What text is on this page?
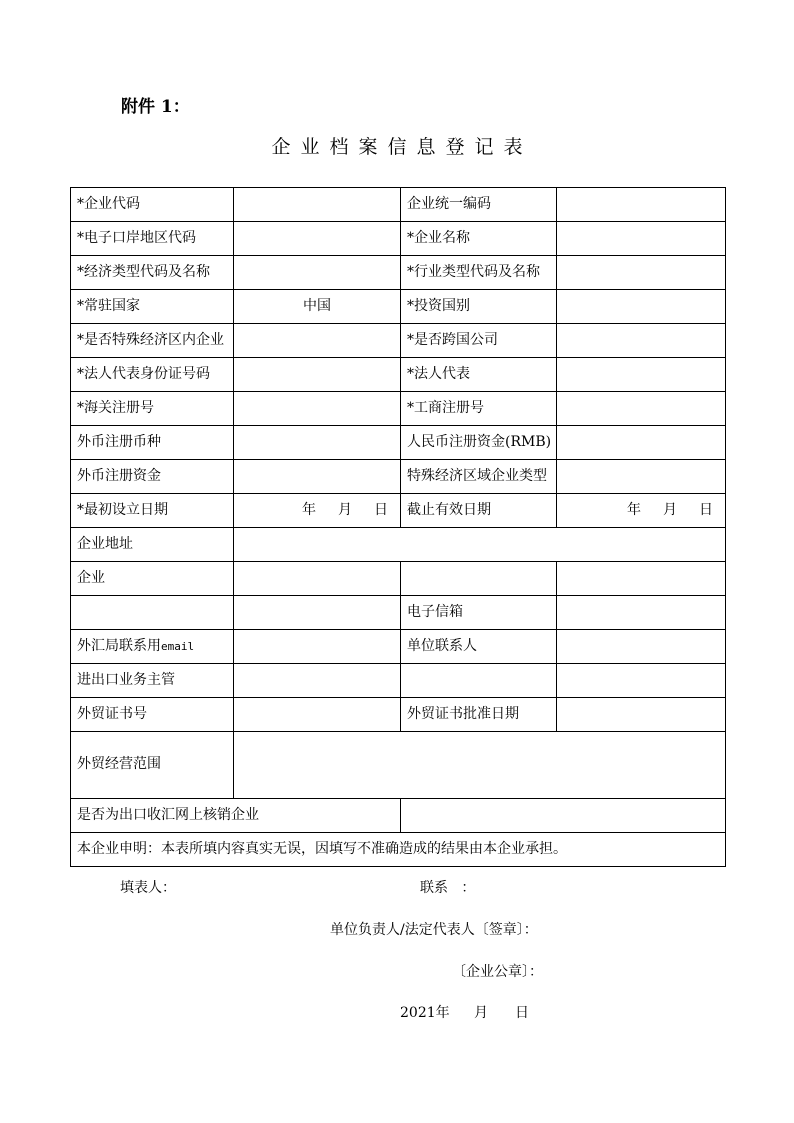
附件 1：
企业档案信息登记表
*企业代码		企业统一编码	
*电子口岸地区代码		*企业名称	
*经济类型代码及名称		*行业类型代码及名称	
*常驻国家	中国	*投资国别	
*是否特殊经济区内企业		*是否跨国公司	
*法人代表身份证号码		*法人代表	
*海关注册号		*工商注册号	
外币注册币种		人民币注册资金(RMB)	
外币注册资金		特殊经济区域企业类型	
*最初设立日期	年 月 日	截止有效日期	年 月 日

企业地址			
企业			
		电子信箱	
外汇局联系用email		单位联系人	
进出口业务主管			
外贸证书号		外贸证书批准日期	
外贸经营范围			
是否为出口收汇网上核销企业			
本企业申明：本表所填内容真实无误，因填写不准确造成的结果由本企业承担。			
填表人：	联系   ：
单位负责人/法定代表人〔签章〕：
〔企业公章〕：
2021年 月 日
